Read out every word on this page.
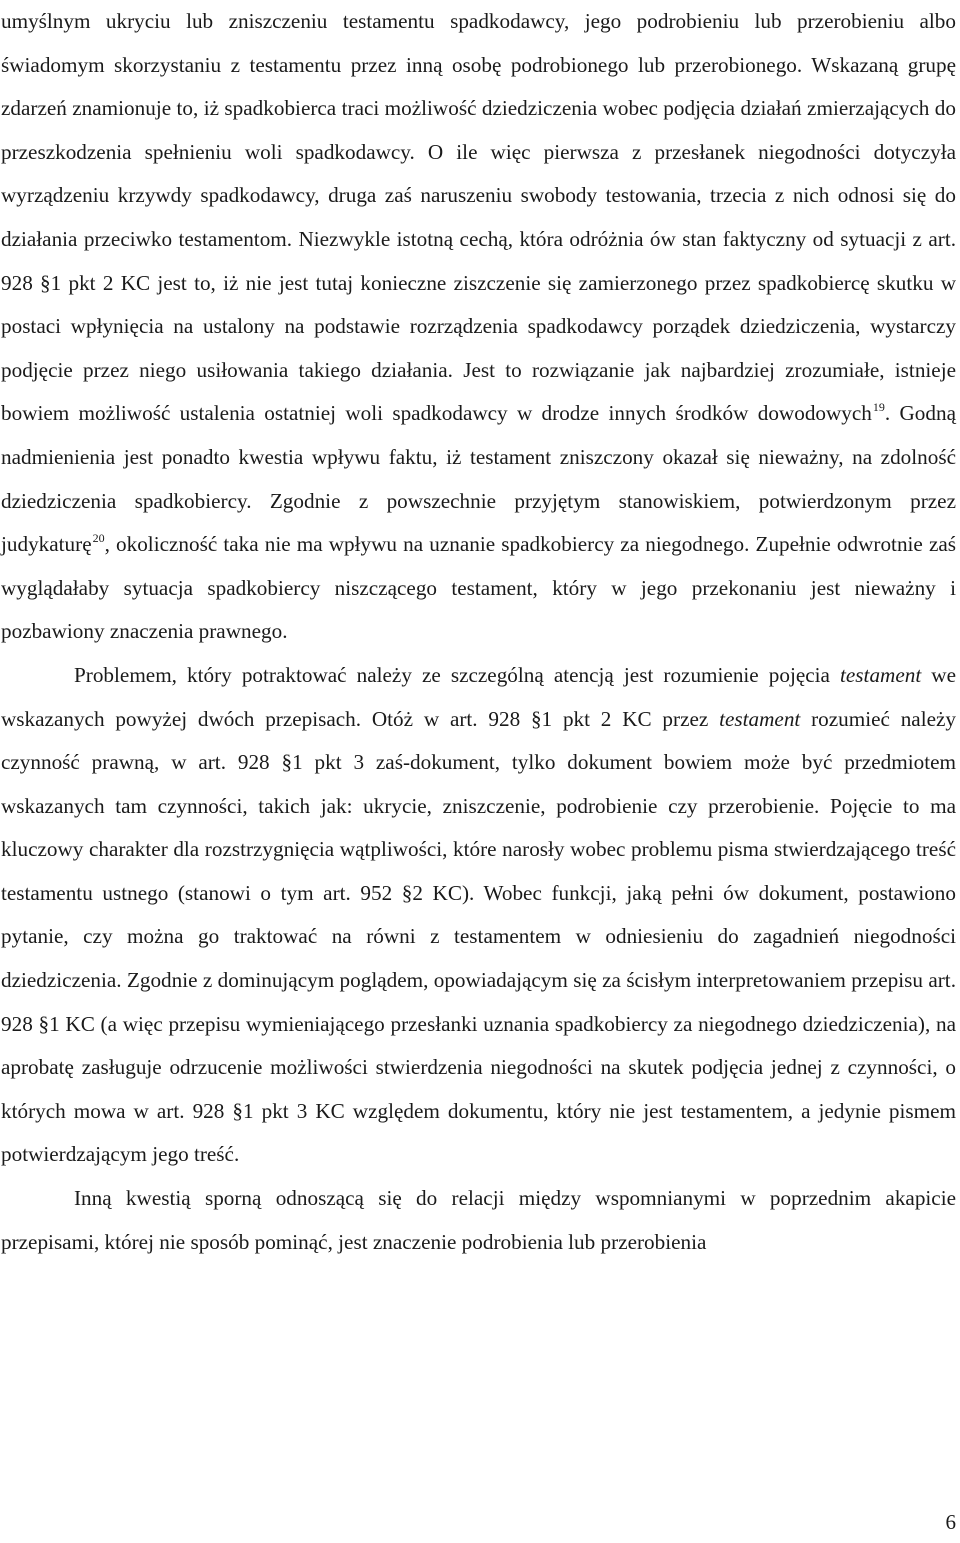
umyślnym ukryciu lub zniszczeniu testamentu spadkodawcy, jego podrobieniu lub przerobieniu albo świadomym skorzystaniu z testamentu przez inną osobę podrobionego lub przerobionego. Wskazaną grupę zdarzeń znamionuje to, iż spadkobierca traci możliwość dziedziczenia wobec podjęcia działań zmierzających do przeszkodzenia spełnieniu woli spadkodawcy. O ile więc pierwsza z przesłanek niegodności dotyczyła wyrządzeniu krzywdy spadkodawcy, druga zaś naruszeniu swobody testowania, trzecia z nich odnosi się do działania przeciwko testamentom. Niezwykle istotną cechą, która odróżnia ów stan faktyczny od sytuacji z art. 928 §1 pkt 2 KC jest to, iż nie jest tutaj konieczne ziszczenie się zamierzonego przez spadkobiercę skutku w postaci wpłynięcia na ustalony na podstawie rozrządzenia spadkodawcy porządek dziedziczenia, wystarczy podjęcie przez niego usiłowania takiego działania. Jest to rozwiązanie jak najbardziej zrozumiałe, istnieje bowiem możliwość ustalenia ostatniej woli spadkodawcy w drodze innych środków dowodowych$^{19}$. Godną nadmienienia jest ponadto kwestia wpływu faktu, iż testament zniszczony okazał się nieważny, na zdolność dziedziczenia spadkobiercy. Zgodnie z powszechnie przyjętym stanowiskiem, potwierdzonym przez judykaturę$^{20}$, okoliczność taka nie ma wpływu na uznanie spadkobiercy za niegodnego. Zupełnie odwrotnie zaś wyglądałaby sytuacja spadkobiercy niszczącego testament, który w jego przekonaniu jest nieważny i pozbawiony znaczenia prawnego.

Problemem, który potraktować należy ze szczególną atencją jest rozumienie pojęcia testament we wskazanych powyżej dwóch przepisach. Otóż w art. 928 §1 pkt 2 KC przez testament rozumieć należy czynność prawną, w art. 928 §1 pkt 3 zaś-dokument, tylko dokument bowiem może być przedmiotem wskazanych tam czynności, takich jak: ukrycie, zniszczenie, podrobienie czy przerobienie. Pojęcie to ma kluczowy charakter dla rozstrzygnięcia wątpliwości, które narosły wobec problemu pisma stwierdzającego treść testamentu ustnego (stanowi o tym art. 952 §2 KC). Wobec funkcji, jaką pełni ów dokument, postawiono pytanie, czy można go traktować na równi z testamentem w odniesieniu do zagadnień niegodności dziedziczenia. Zgodnie z dominującym poglądem, opowiadającym się za ścisłym interpretowaniem przepisu art. 928 §1 KC (a więc przepisu wymieniającego przesłanki uznania spadkobiercy za niegodnego dziedziczenia), na aprobatę zasługuje odrzucenie możliwości stwierdzenia niegodności na skutek podjęcia jednej z czynności, o których mowa w art. 928 §1 pkt 3 KC względem dokumentu, który nie jest testamentem, a jedynie pismem potwierdzającym jego treść.

Inną kwestią sporną odnoszącą się do relacji między wspomnianymi w poprzednim akapicie przepisami, której nie sposób pominąć, jest znaczenie podrobienia lub przerobienia

6
